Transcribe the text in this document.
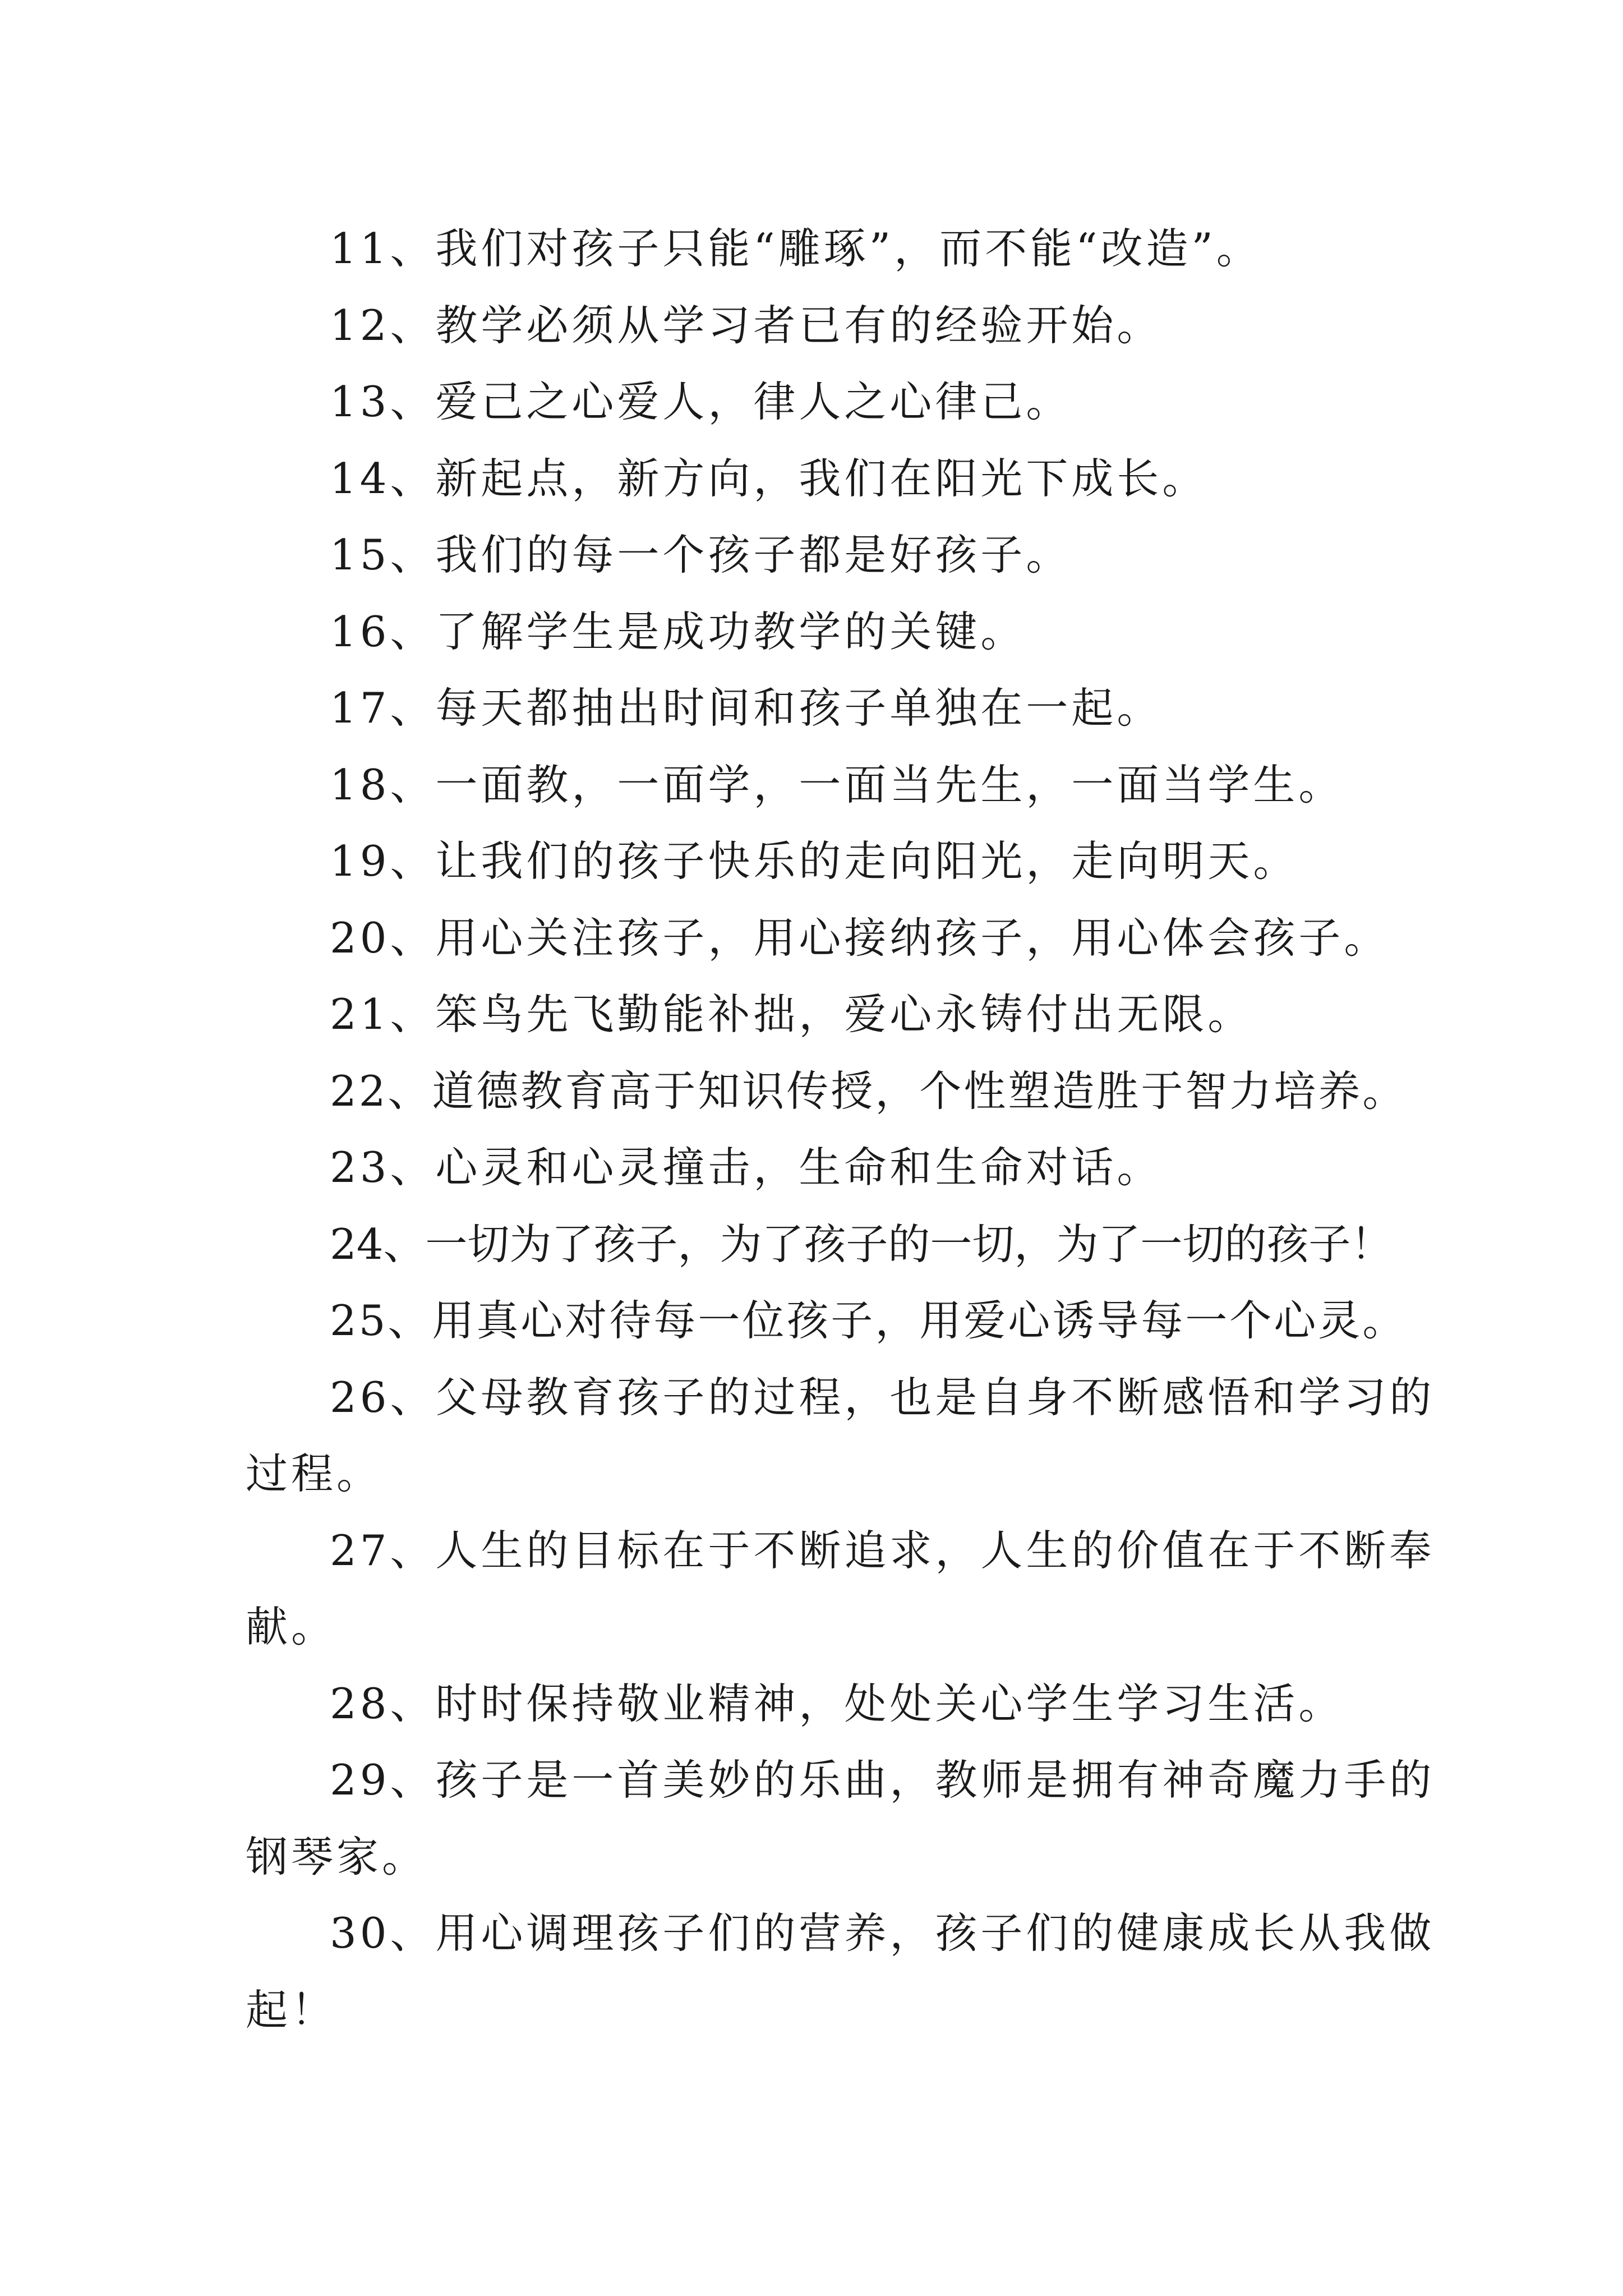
11、我们对孩子只能“雕琢”，而不能“改造”。
12、教学必须从学习者已有的经验开始。
13、爱己之心爱人，律人之心律己。
14、新起点，新方向，我们在阳光下成长。
15、我们的每一个孩子都是好孩子。
16、了解学生是成功教学的关键。
17、每天都抽出时间和孩子单独在一起。
18、一面教，一面学，一面当先生，一面当学生。
19、让我们的孩子快乐的走向阳光，走向明天。
20、用心关注孩子，用心接纳孩子，用心体会孩子。
21、笨鸟先飞勤能补拙，爱心永铸付出无限。
22、道德教育高于知识传授，个性塑造胜于智力培养。
23、心灵和心灵撞击，生命和生命对话。
24、一切为了孩子，为了孩子的一切，为了一切的孩子！
25、用真心对待每一位孩子，用爱心诱导每一个心灵。
26、父母教育孩子的过程，也是自身不断感悟和学习的
过程。
27、人生的目标在于不断追求，人生的价值在于不断奉
献。
28、时时保持敬业精神，处处关心学生学习生活。
29、孩子是一首美妙的乐曲，教师是拥有神奇魔力手的
钢琴家。
30、用心调理孩子们的营养，孩子们的健康成长从我做
起！
